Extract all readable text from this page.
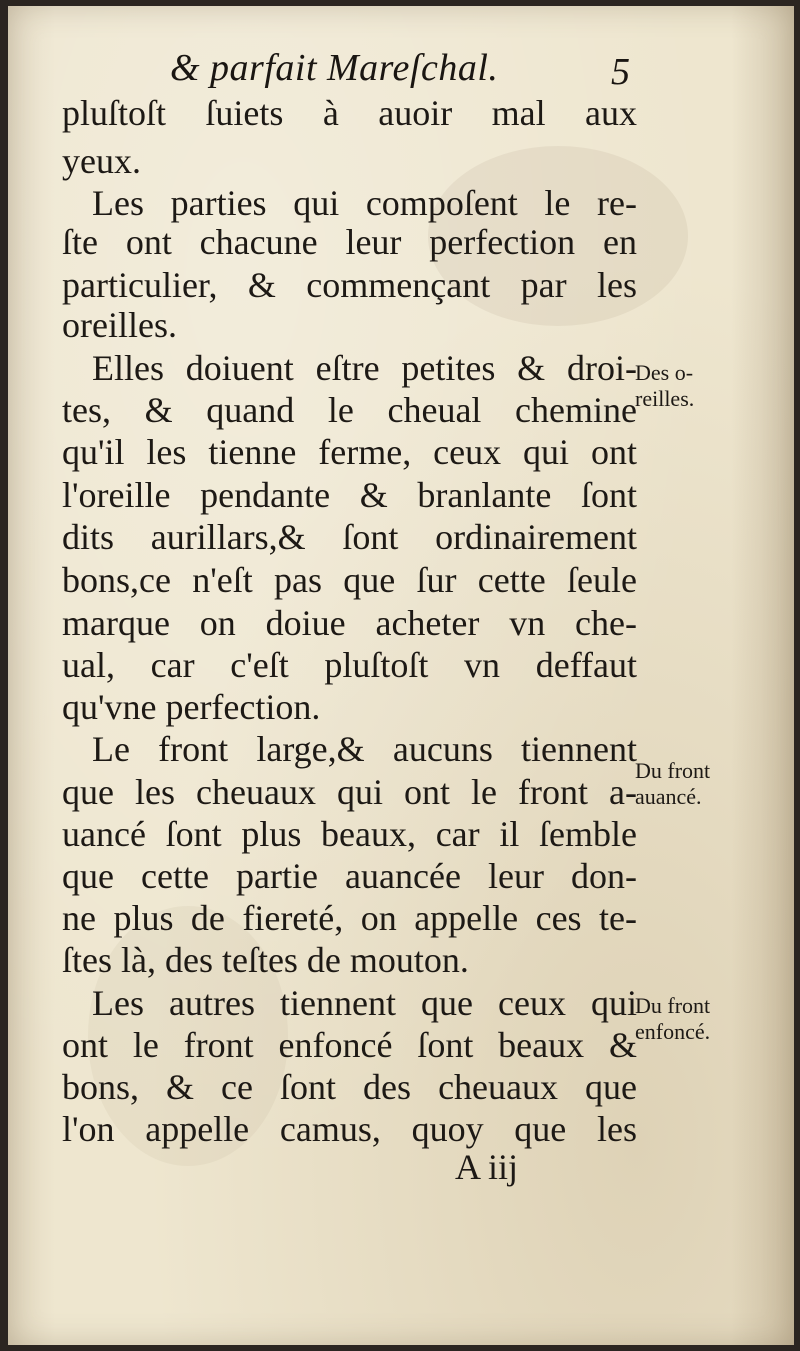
& parfait Mareſchal.	5
pluſtoſt ſuiets à auoir mal aux
yeux.
Les parties qui compoſent le re-
ſte ont chacune leur perfection en
particulier, & commençant par les
oreilles.
Elles doiuent eſtre petites & droi-
tes, & quand le cheual chemine
qu'il les tienne ferme, ceux qui ont
l'oreille pendante & branlante ſont
dits aurillars,& ſont ordinairement
bons,ce n'eſt pas que ſur cette ſeule
marque on doiue acheter vn che-
ual, car c'eſt pluſtoſt vn deffaut
qu'vne perfection.
Le front large,& aucuns tiennent
que les cheuaux qui ont le front a-
uancé ſont plus beaux, car il ſemble
que cette partie auancée leur don-
ne plus de fiereté, on appelle ces te-
ſtes là, des teſtes de mouton.
Les autres tiennent que ceux qui
ont le front enfoncé ſont beaux &
bons, & ce ſont des cheuaux que
l'on appelle camus, quoy que les
Des o-
reilles.
Du front
auancé.
Du front
enfoncé.
A iij
